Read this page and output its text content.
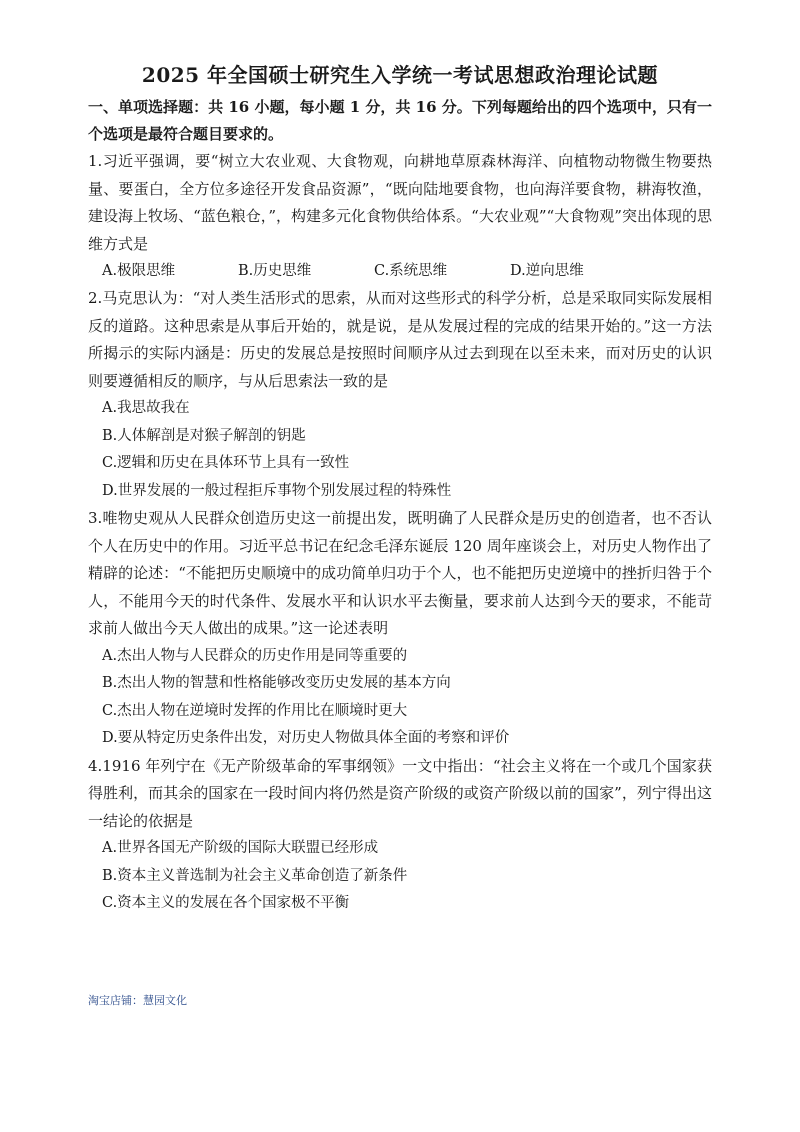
2025 年全国硕士研究生入学统一考试思想政治理论试题

一、单项选择题：共 16 小题，每小题 1 分，共 16 分。下列每题给出的四个选项中，只有一个选项是最符合题目要求的。

1.习近平强调，要“树立大农业观、大食物观，向耕地草原森林海洋、向植物动物微生物要热量、要蛋白，全方位多途径开发食品资源”，“既向陆地要食物，也向海洋要食物，耕海牧渔，建设海上牧场、“蓝色粮仓，”，构建多元化食物供给体系。“大农业观”“大食物观”突出体现的思维方式是

A.极限思维	B.历史思维	C.系统思维	D.逆向思维

2.马克思认为：“对人类生活形式的思索，从而对这些形式的科学分析，总是采取同实际发展相反的道路。这种思索是从事后开始的，就是说，是从发展过程的完成的结果开始的。”这一方法所揭示的实际内涵是：历史的发展总是按照时间顺序从过去到现在以至未来，而对历史的认识则要遵循相反的顺序，与从后思索法一致的是

A.我思故我在

B.人体解剖是对猴子解剖的钥匙

C.逻辑和历史在具体环节上具有一致性

D.世界发展的一般过程拒斥事物个别发展过程的特殊性

3.唯物史观从人民群众创造历史这一前提出发，既明确了人民群众是历史的创造者，也不否认个人在历史中的作用。习近平总书记在纪念毛泽东诞辰 120 周年座谈会上，对历史人物作出了精辟的论述：“不能把历史顺境中的成功简单归功于个人，也不能把历史逆境中的挫折归咎于个人，不能用今天的时代条件、发展水平和认识水平去衡量，要求前人达到今天的要求，不能苛求前人做出今天人做出的成果。”这一论述表明

A.杰出人物与人民群众的历史作用是同等重要的

B.杰出人物的智慧和性格能够改变历史发展的基本方向

C.杰出人物在逆境时发挥的作用比在顺境时更大

D.要从特定历史条件出发，对历史人物做具体全面的考察和评价

4.1916 年列宁在《无产阶级革命的军事纲领》一文中指出：“社会主义将在一个或几个国家获得胜利，而其余的国家在一段时间内将仍然是资产阶级的或资产阶级以前的国家”，列宁得出这一结论的依据是

A.世界各国无产阶级的国际大联盟已经形成

B.资本主义普选制为社会主义革命创造了新条件

C.资本主义的发展在各个国家极不平衡

淘宝店铺：慧园文化
